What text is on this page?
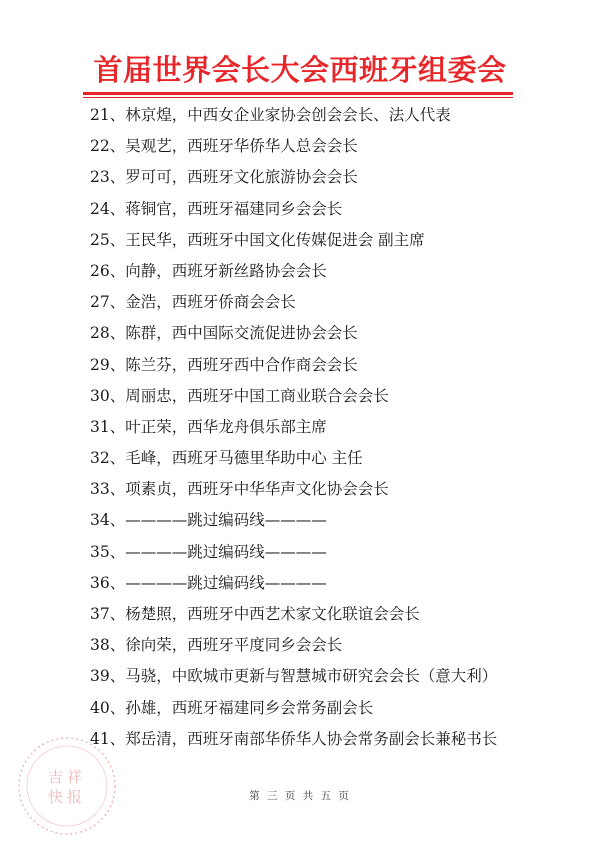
首届世界会长大会西班牙组委会
21、林京煌，中西女企业家协会创会会长、法人代表
22、吴观艺，西班牙华侨华人总会会长
23、罗可可，西班牙文化旅游协会会长
24、蒋铜官，西班牙福建同乡会会长
25、王民华，西班牙中国文化传媒促进会 副主席
26、向静，西班牙新丝路协会会长
27、金浩，西班牙侨商会会长
28、陈群，西中国际交流促进协会会长
29、陈兰芬，西班牙西中合作商会会长
30、周丽忠，西班牙中国工商业联合会会长
31、叶正荣，西华龙舟俱乐部主席
32、毛峰，西班牙马德里华助中心 主任
33、项素贞，西班牙中华华声文化协会会长
34、————跳过编码线————
35、————跳过编码线————
36、————跳过编码线————
37、杨楚照，西班牙中西艺术家文化联谊会会长
38、徐向荣，西班牙平度同乡会会长
39、马骁，中欧城市更新与智慧城市研究会会长（意大利）
40、孙雄，西班牙福建同乡会常务副会长
41、郑岳清，西班牙南部华侨华人协会常务副会长兼秘书长
吉祥
快报	第 三 页 共 五 页
